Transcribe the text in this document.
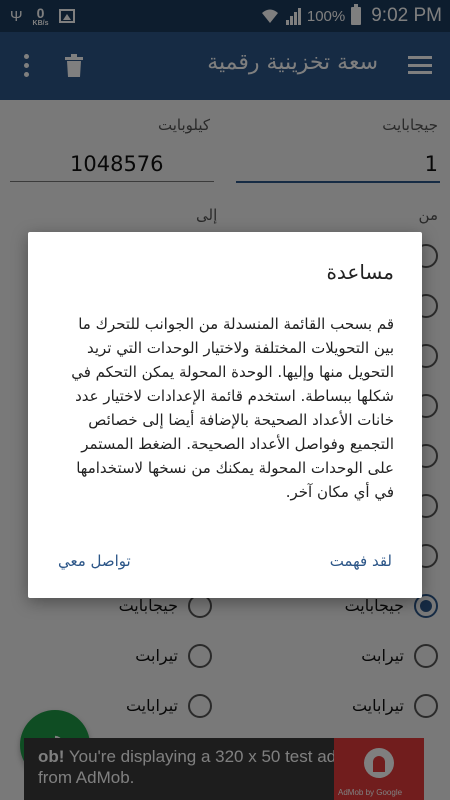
مساعدة
قم بسحب القائمة المنسدلة من الجوانب للتحرك ما بين التحويلات المختلفة ولاختيار الوحدات التي تريد التحويل منها وإليها. الوحدة المحولة يمكن التحكم في شكلها ببساطة. استخدم قائمة الإعدادات لاختيار عدد خانات الأعداد الصحيحة بالإضافة أيضا إلى خصائص التجميع وفواصل الأعداد الصحيحة. الضغط المستمر على الوحدات المحولة يمكنك من نسخها لاستخدامها في أي مكان آخر.
لقد فهمت
تواصل معي
